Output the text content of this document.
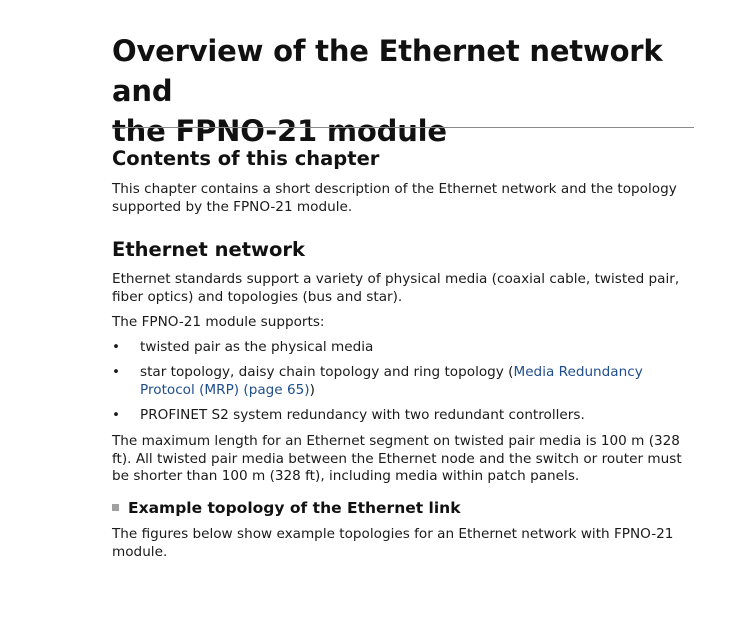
Overview of the Ethernet network and
the FPNO-21 module
Contents of this chapter

This chapter contains a short description of the Ethernet network and the topology supported by the FPNO-21 module.

Ethernet network

Ethernet standards support a variety of physical media (coaxial cable, twisted pair, fiber optics) and topologies (bus and star).

The FPNO-21 module supports:

• twisted pair as the physical media
• star topology, daisy chain topology and ring topology (Media Redundancy Protocol (MRP) (page 65))
• PROFINET S2 system redundancy with two redundant controllers.

The maximum length for an Ethernet segment on twisted pair media is 100 m (328 ft). All twisted pair media between the Ethernet node and the switch or router must be shorter than 100 m (328 ft), including media within patch panels.

Example topology of the Ethernet link

The figures below show example topologies for an Ethernet network with FPNO-21 module.
